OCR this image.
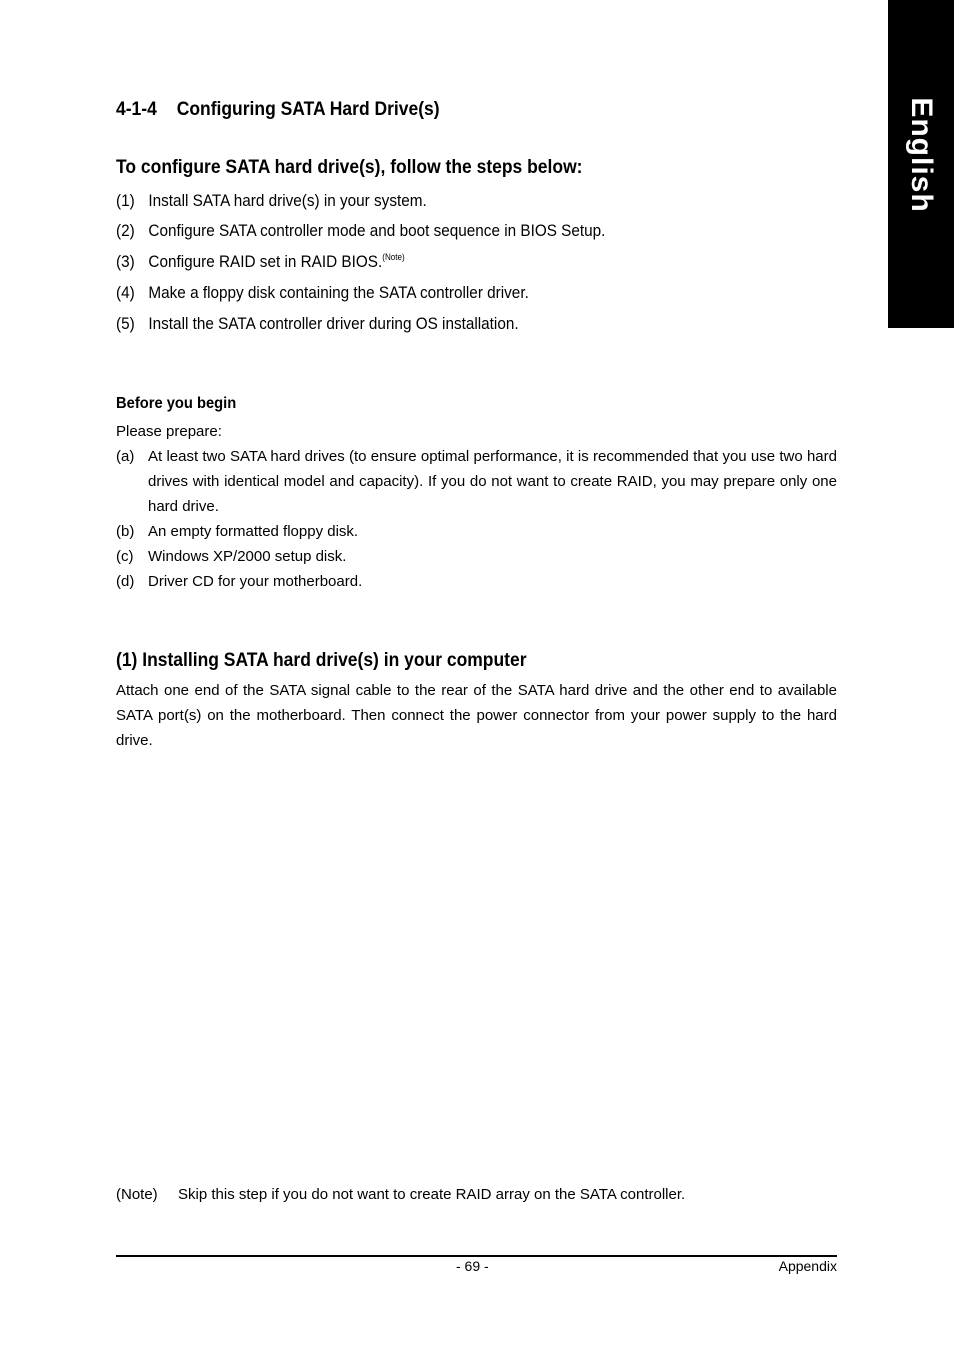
English
4-1-4 Configuring SATA Hard Drive(s)
To configure SATA hard drive(s), follow the steps below:
(1) Install SATA hard drive(s) in your system.
(2) Configure SATA controller mode and boot sequence in BIOS Setup.
(3) Configure RAID set in RAID BIOS.$^{(Note)}$
(4) Make a floppy disk containing the SATA controller driver.
(5) Install the SATA controller driver during OS installation.
Before you begin
Please prepare:
(a) At least two SATA hard drives (to ensure optimal performance, it is recommended that you use two hard drives with identical model and capacity). If you do not want to create RAID, you may prepare only one hard drive.
(b) An empty formatted floppy disk.
(c) Windows XP/2000 setup disk.
(d) Driver CD for your motherboard.
(1) Installing SATA hard drive(s) in your computer
Attach one end of the SATA signal cable to the rear of the SATA hard drive and the other end to available SATA port(s) on the motherboard. Then connect the power connector from your power supply to the hard drive.
(Note) Skip this step if you do not want to create RAID array on the SATA controller.
- 69 -	Appendix
